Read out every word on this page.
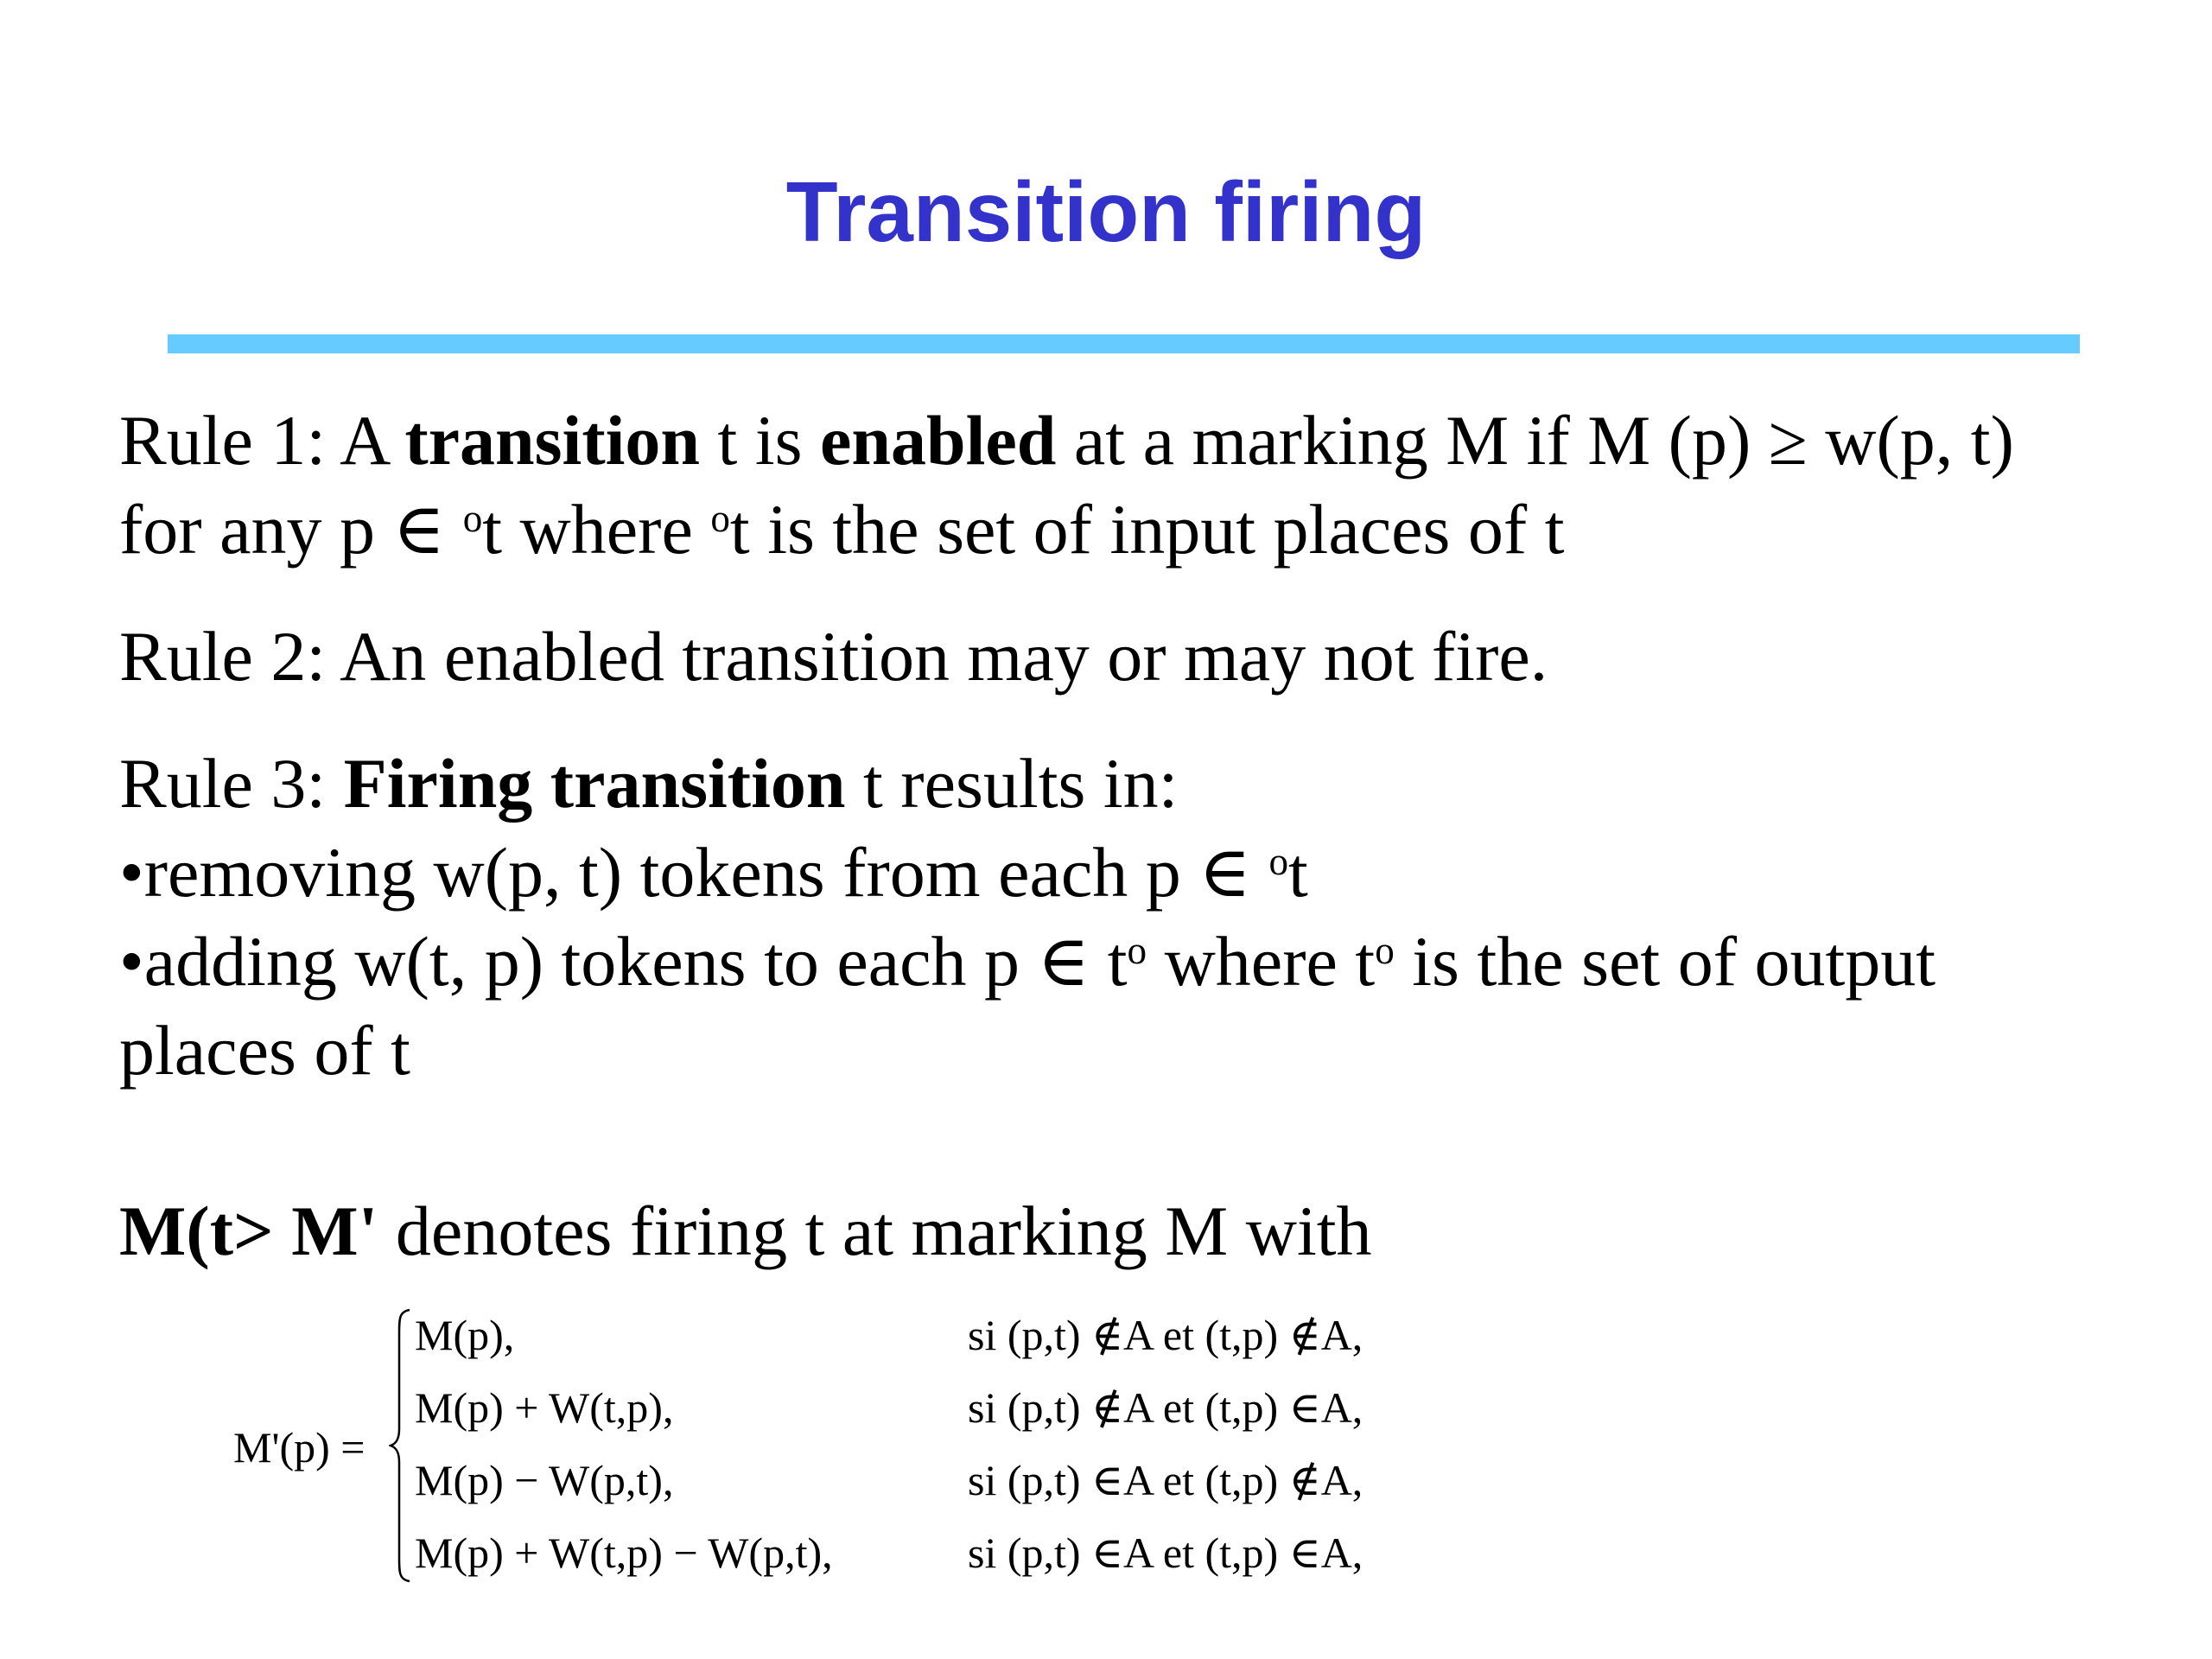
Transition firing
Rule 1: A transition t is enabled at a marking M if M (p) ≥ w(p, t)
for any p ∈ $^o$t where $^o$t is the set of input places of t
Rule 2: An enabled transition may or may not fire.
Rule 3: Firing transition t results in:
•removing w(p, t) tokens from each p ∈ $^o$t
•adding w(t, p) tokens to each p ∈ $t^o$ where $t^o$ is the set of output
places of t
M(t> M' denotes firing t at marking M with
M'(p) =
M(p),	si (p,t) ∉A et (t,p) ∉A,
M(p) + W(t,p),	si (p,t) ∉A et (t,p) ∈A,
M(p) − W(p,t),	si (p,t) ∈A et (t,p) ∉A,
M(p) + W(t,p) − W(p,t),	si (p,t) ∈A et (t,p) ∈A,
